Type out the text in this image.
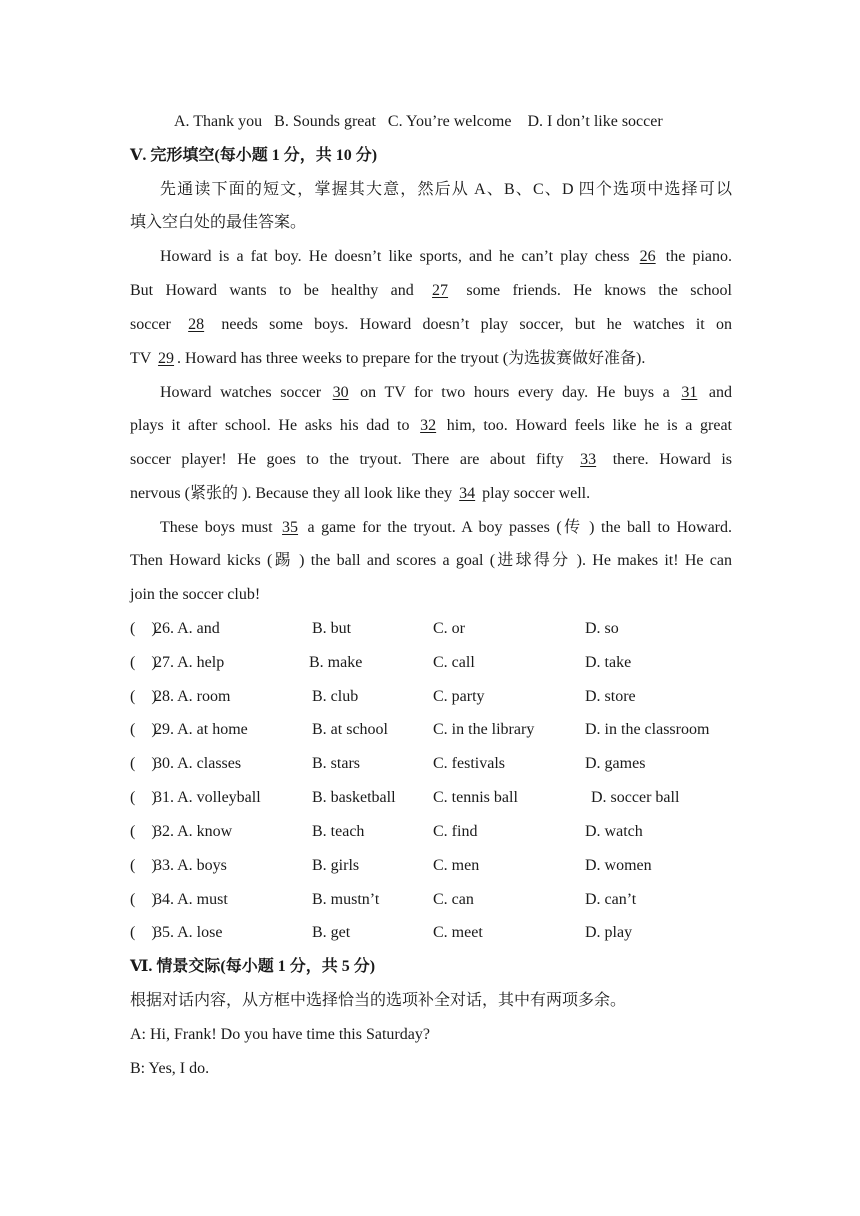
A. Thank you   B. Sounds great   C. You’re welcome    D. I don’t like soccer
Ⅴ. 完形填空(每小题 1 分，共 10 分)
先通读下面的短文，掌握其大意，然后从 A、B、C、D 四个选项中选择可以
填入空白处的最佳答案。
Howard is a fat boy. He doesn’t like sports, and he can’t play chess 26 the piano.
But Howard wants to be healthy and 27 some friends. He knows the school
soccer 28 needs some boys. Howard doesn’t play soccer, but he watches it on
TV 29 . Howard has three weeks to prepare for the tryout (为选拔赛做好准备).
Howard watches soccer 30 on TV for two hours every day. He buys a 31 and
plays it after school. He asks his dad to 32 him, too. Howard feels like he is a great
soccer player! He goes to the tryout. There are about fifty 33 there. Howard is
nervous (紧张的 ). Because they all look like they 34 play soccer well.
These boys must 35 a game for the tryout. A boy passes (传 ) the ball to Howard.
Then Howard kicks (踢 ) the ball and scores a goal (进球得分 ). He makes it! He can
join the soccer club!
(    )
26. A. and	B. but	C. or	D. so
(    )
27. A. help	B. make	C. call	D. take
(    )
28. A. room	B. club	C. party	D. store
(    )
29. A. at home	B. at school	C. in the library	D. in the classroom
(    )
30. A. classes	B. stars	C. festivals	D. games
(    )
31. A. volleyball	B. basketball C. tennis ball	D. soccer ball
(    )
32. A. know	B. teach	C. find	D. watch
(    )
33. A. boys	B. girls	C. men	D. women
(    )
34. A. must	B. mustn’t	C. can	D. can’t
(    )
35. A. lose	B. get	C. meet	D. play
Ⅵ. 情景交际(每小题 1 分，共 5 分)
根据对话内容，从方框中选择恰当的选项补全对话，其中有两项多余。
A: Hi, Frank! Do you have time this Saturday?
B: Yes, I do.
